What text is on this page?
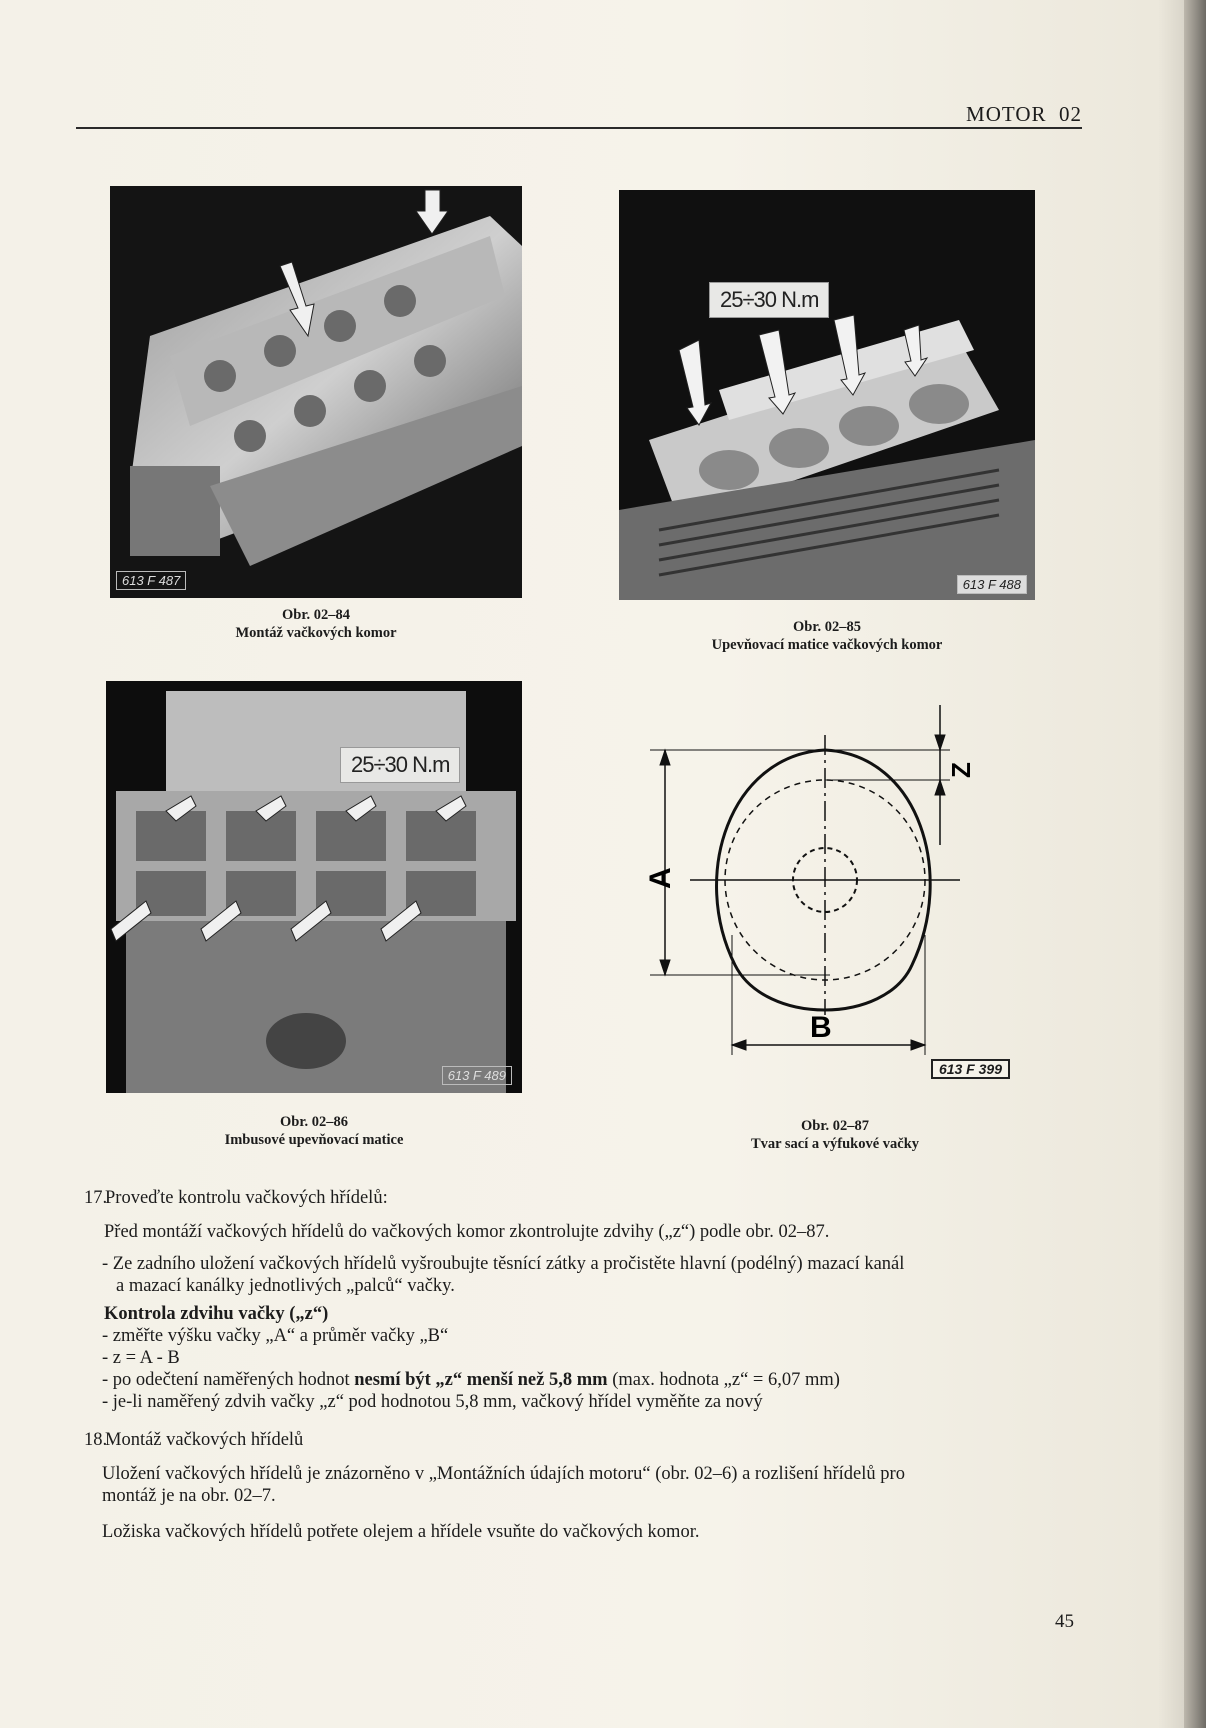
MOTOR 02
613 F 487
Obr. 02–84
Montáž vačkových komor
25÷30 N.m
613 F 488
Obr. 02–85
Upevňovací matice vačkových komor
25÷30 N.m
613 F 489
Obr. 02–86
Imbusové upevňovací matice
A
B
Z
613 F 399
Obr. 02–87
Tvar sací a výfukové vačky
17.
Proveďte kontrolu vačkových hřídelů:

Před montáží vačkových hřídelů do vačkových komor zkontrolujte zdvihy („z“) podle obr. 02–87.

- Ze zadního uložení vačkových hřídelů vyšroubujte těsnící zátky a pročistěte hlavní (podélný) mazací kanál

a mazací kanálky jednotlivých „palců“ vačky.

Kontrola zdvihu vačky („z“)

- změřte výšku vačky „A“ a průměr vačky „B“

- z = A - B

- po odečtení naměřených hodnot nesmí být „z“ menší než 5,8 mm (max. hodnota „z“ = 6,07 mm)

- je-li naměřený zdvih vačky „z“ pod hodnotou 5,8 mm, vačkový hřídel vyměňte za nový

18.
Montáž vačkových hřídelů

Uložení vačkových hřídelů je znázorněno v „Montážních údajích motoru“ (obr. 02–6) a rozlišení hřídelů pro

montáž je na obr. 02–7.

Ložiska vačkových hřídelů potřete olejem a hřídele vsuňte do vačkových komor.

45
